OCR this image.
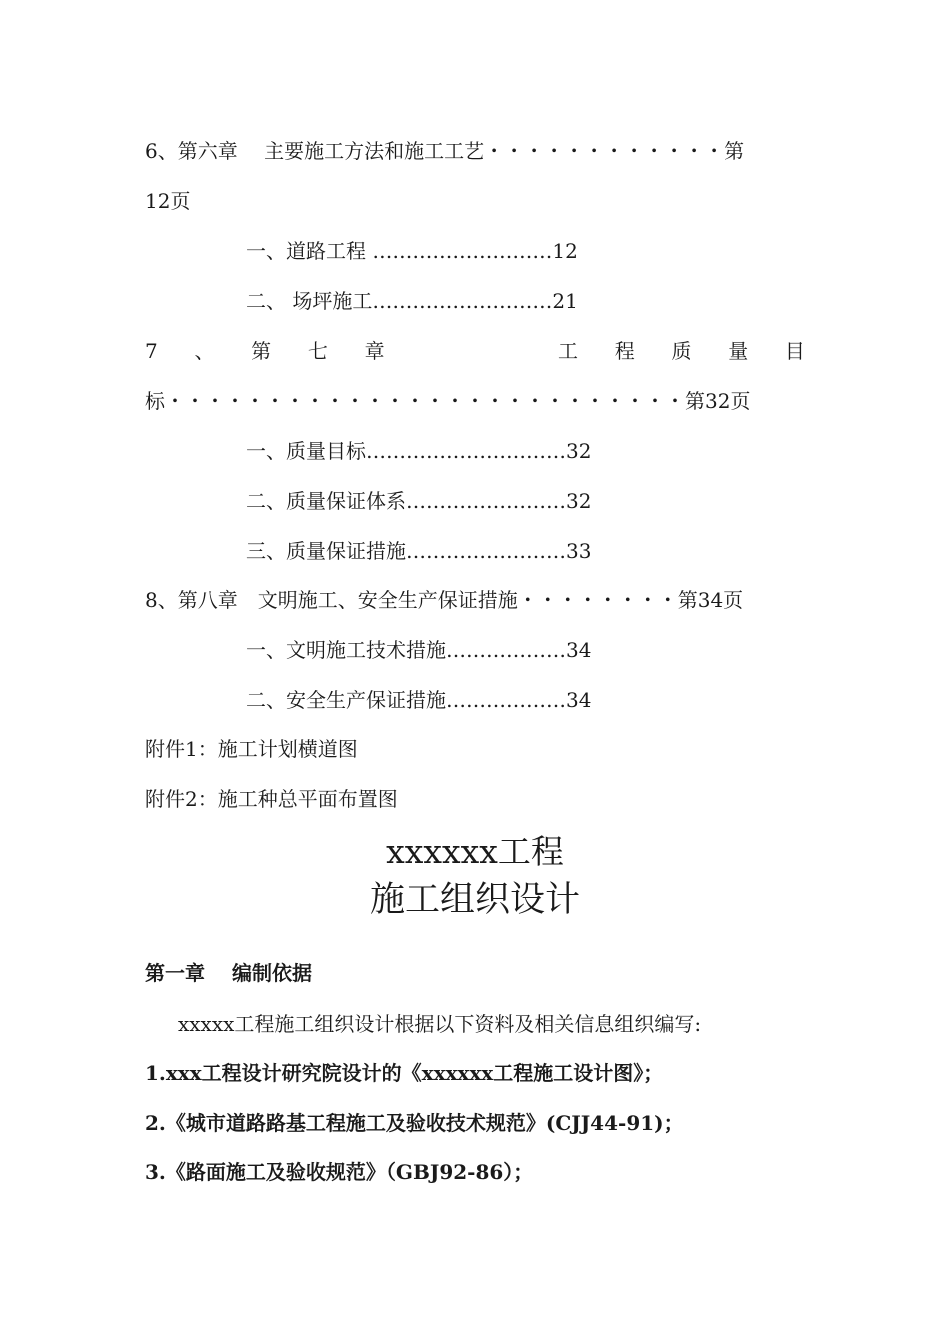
6、第六章　 主要施工方法和施工工艺・・・・・・・・・・・・第
12页
一、道路工程 ………………………12
二、 场坪施工………………………21
7 、 第 七 章	工 程 质 量 目
标・・・・・・・・・・・・・・・・・・・・・・・・・・第32页
一、质量目标…………………………32
二、质量保证体系……………………32
三、质量保证措施……………………33
8、第八章　文明施工、安全生产保证措施・・・・・・・・第34页
一、文明施工技术措施………………34
二、安全生产保证措施………………34
附件1：施工计划横道图
附件2：施工种总平面布置图
xxxxxx工程
施工组织设计
第一章　 编制依据
xxxxx工程施工组织设计根据以下资料及相关信息组织编写:
1.xxx工程设计研究院设计的《xxxxxx工程施工设计图》；
2.《城市道路路基工程施工及验收技术规范》(CJJ44-91)；
3.《路面施工及验收规范》（GBJ92-86）；
